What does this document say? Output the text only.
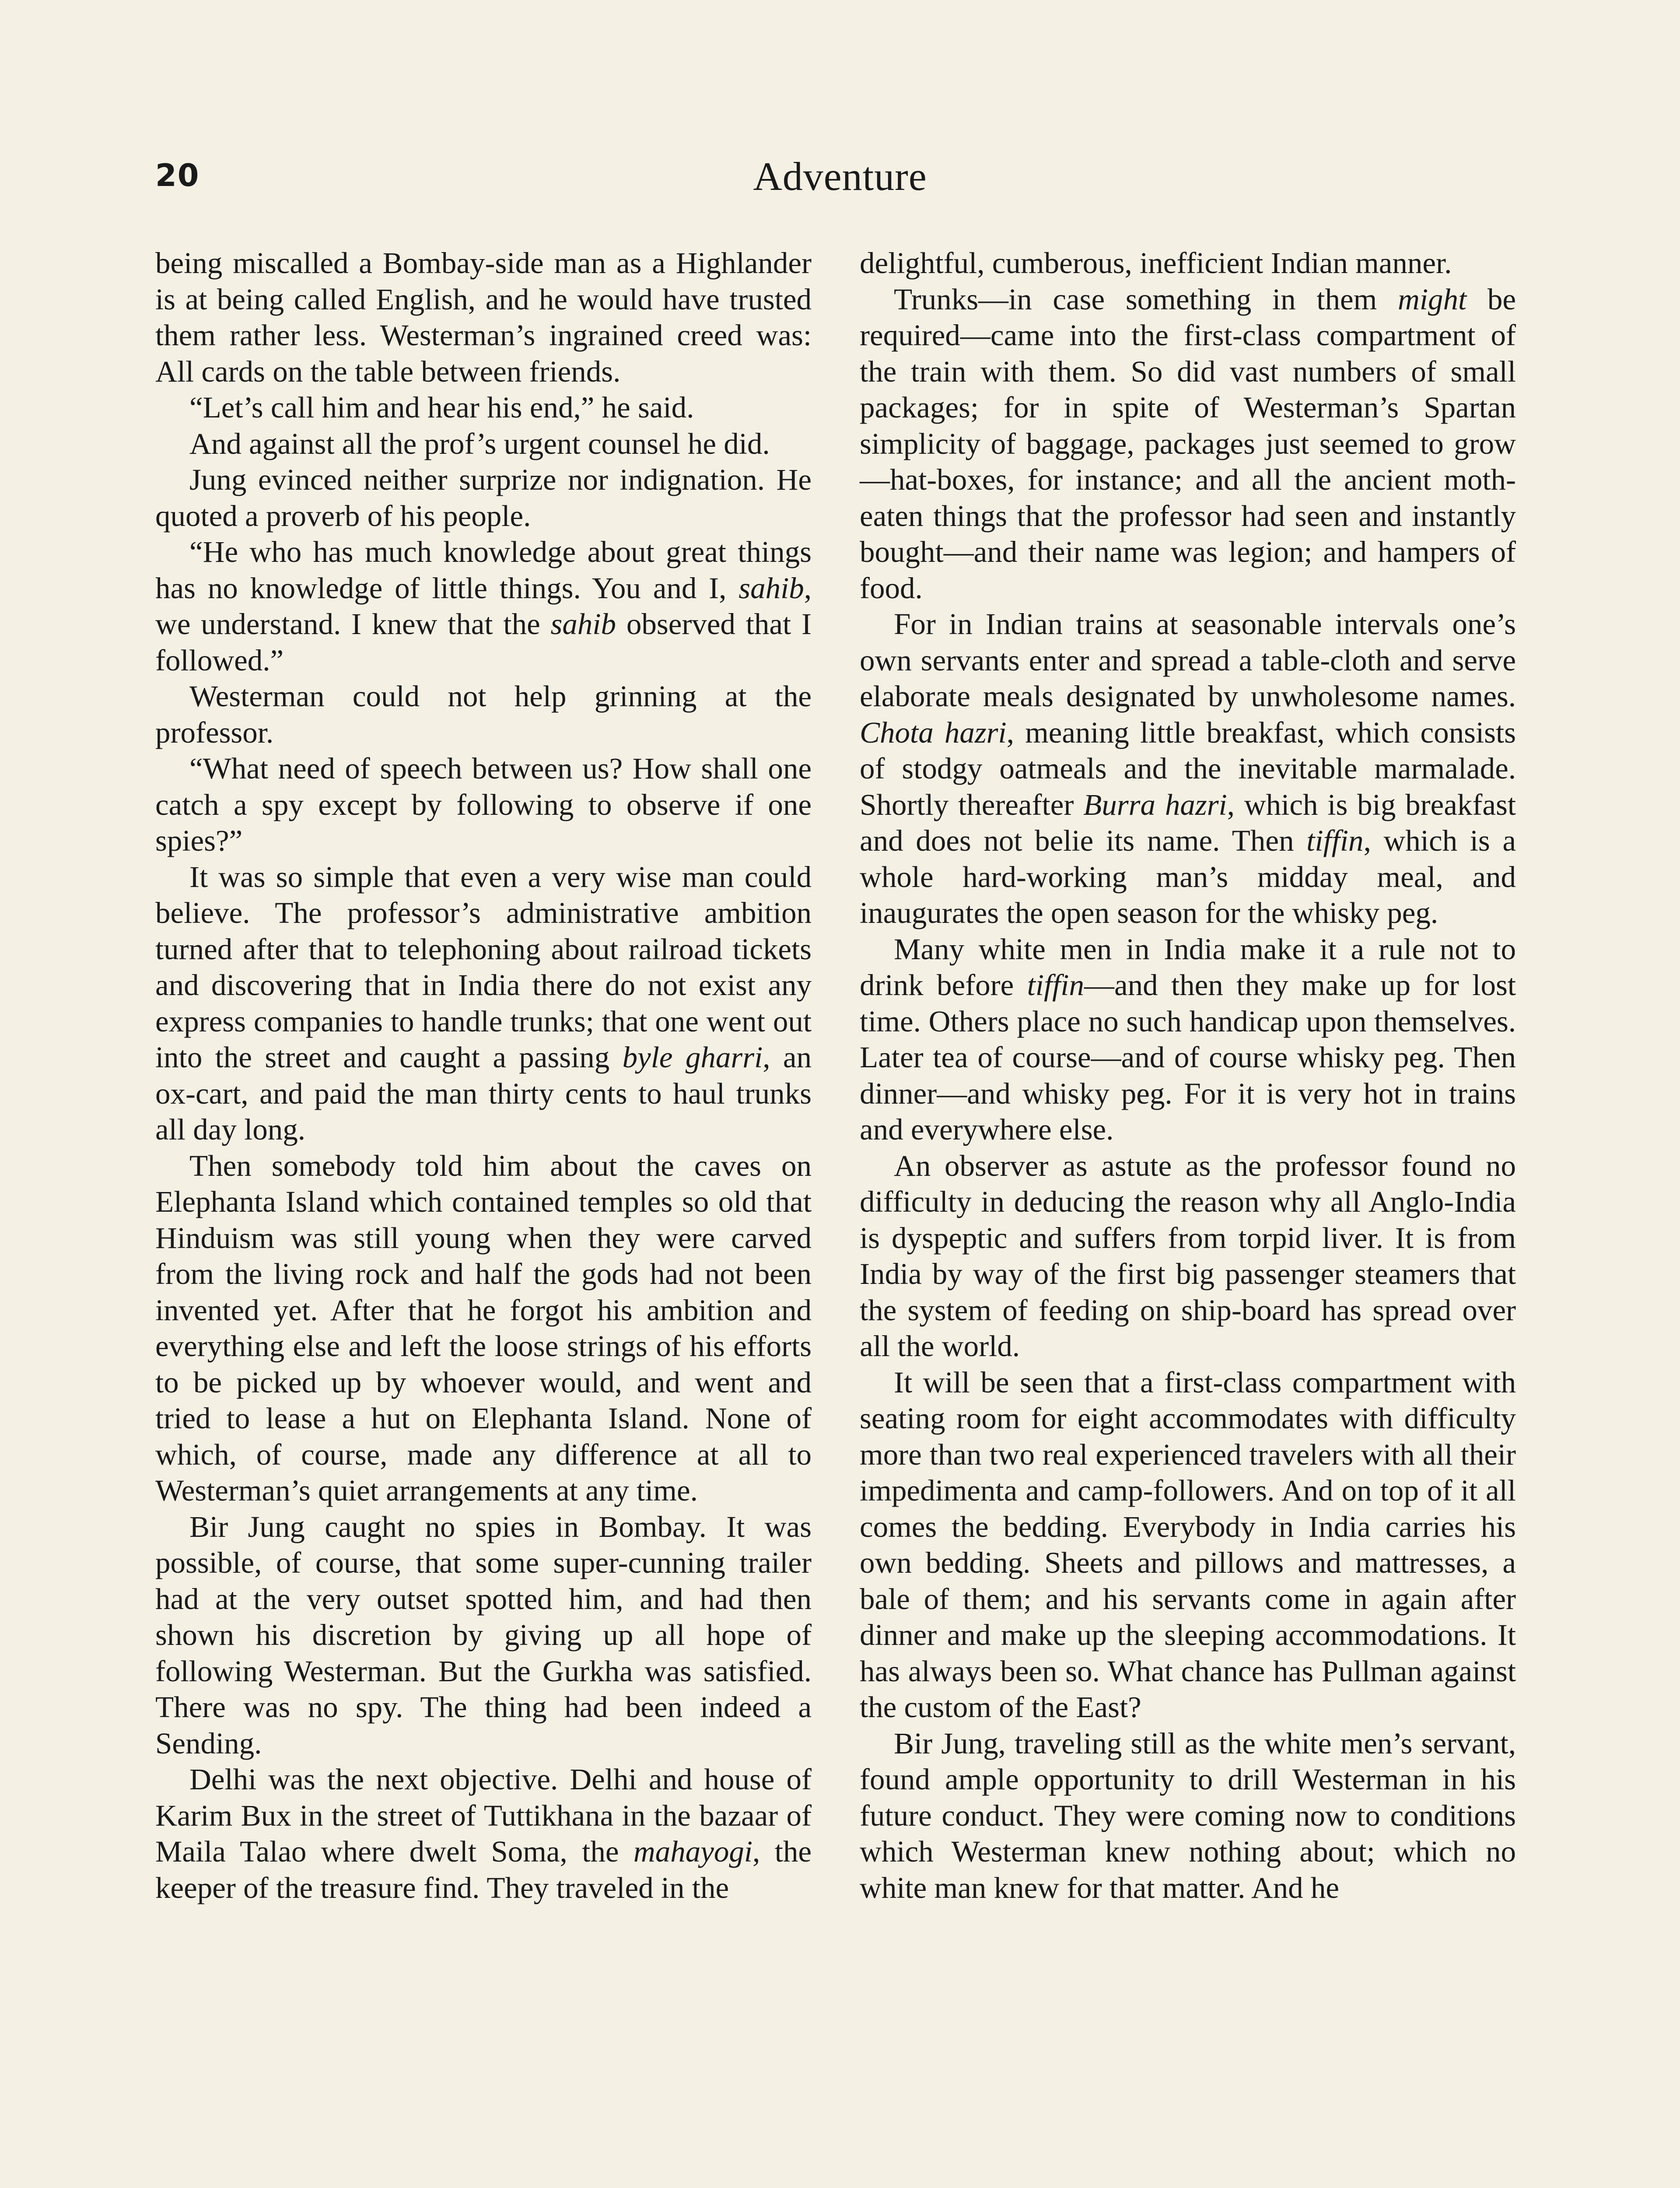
20	Adventure

being miscalled a Bombay-side man as a Highlander is at being called English, and he would have trusted them rather less. Westerman’s ingrained creed was: All cards on the table between friends.

“Let’s call him and hear his end,” he said.

And against all the prof’s urgent counsel he did.

Jung evinced neither surprize nor indignation. He quoted a proverb of his people.

“He who has much knowledge about great things has no knowledge of little things. You and I, sahib, we understand. I knew that the sahib observed that I followed.”

Westerman could not help grinning at the professor.

“What need of speech between us? How shall one catch a spy except by following to observe if one spies?”

It was so simple that even a very wise man could believe. The professor’s administrative ambition turned after that to telephoning about railroad tickets and discovering that in India there do not exist any express companies to handle trunks; that one went out into the street and caught a passing byle gharri, an ox-cart, and paid the man thirty cents to haul trunks all day long.

Then somebody told him about the caves on Elephanta Island which contained temples so old that Hinduism was still young when they were carved from the living rock and half the gods had not been invented yet. After that he forgot his ambition and everything else and left the loose strings of his efforts to be picked up by whoever would, and went and tried to lease a hut on Elephanta Island. None of which, of course, made any difference at all to Westerman’s quiet arrangements at any time.

Bir Jung caught no spies in Bombay. It was possible, of course, that some super-cunning trailer had at the very outset spotted him, and had then shown his discretion by giving up all hope of following Westerman. But the Gurkha was satisfied. There was no spy. The thing had been indeed a Sending.

Delhi was the next objective. Delhi and house of Karim Bux in the street of Tuttikhana in the bazaar of Maila Talao where dwelt Soma, the mahayogi, the keeper of the treasure find. They traveled in the

delightful, cumberous, inefficient Indian manner.

Trunks—in case something in them might be required—came into the first-class compartment of the train with them. So did vast numbers of small packages; for in spite of Westerman’s Spartan simplicity of baggage, packages just seemed to grow—hat-boxes, for instance; and all the ancient moth-eaten things that the professor had seen and instantly bought—and their name was legion; and hampers of food.

For in Indian trains at seasonable intervals one’s own servants enter and spread a table-cloth and serve elaborate meals designated by unwholesome names. Chota hazri, meaning little breakfast, which consists of stodgy oatmeals and the inevitable marmalade. Shortly thereafter Burra hazri, which is big breakfast and does not belie its name. Then tiffin, which is a whole hard-working man’s midday meal, and inaugurates the open season for the whisky peg.

Many white men in India make it a rule not to drink before tiffin—and then they make up for lost time. Others place no such handicap upon themselves. Later tea of course—and of course whisky peg. Then dinner—and whisky peg. For it is very hot in trains and everywhere else.

An observer as astute as the professor found no difficulty in deducing the reason why all Anglo-India is dyspeptic and suffers from torpid liver. It is from India by way of the first big passenger steamers that the system of feeding on ship-board has spread over all the world.

It will be seen that a first-class compartment with seating room for eight accommodates with difficulty more than two real experienced travelers with all their impedimenta and camp-followers. And on top of it all comes the bedding. Everybody in India carries his own bedding. Sheets and pillows and mattresses, a bale of them; and his servants come in again after dinner and make up the sleeping accommodations. It has always been so. What chance has Pullman against the custom of the East?

Bir Jung, traveling still as the white men’s servant, found ample opportunity to drill Westerman in his future conduct. They were coming now to conditions which Westerman knew nothing about; which no white man knew for that matter. And he
